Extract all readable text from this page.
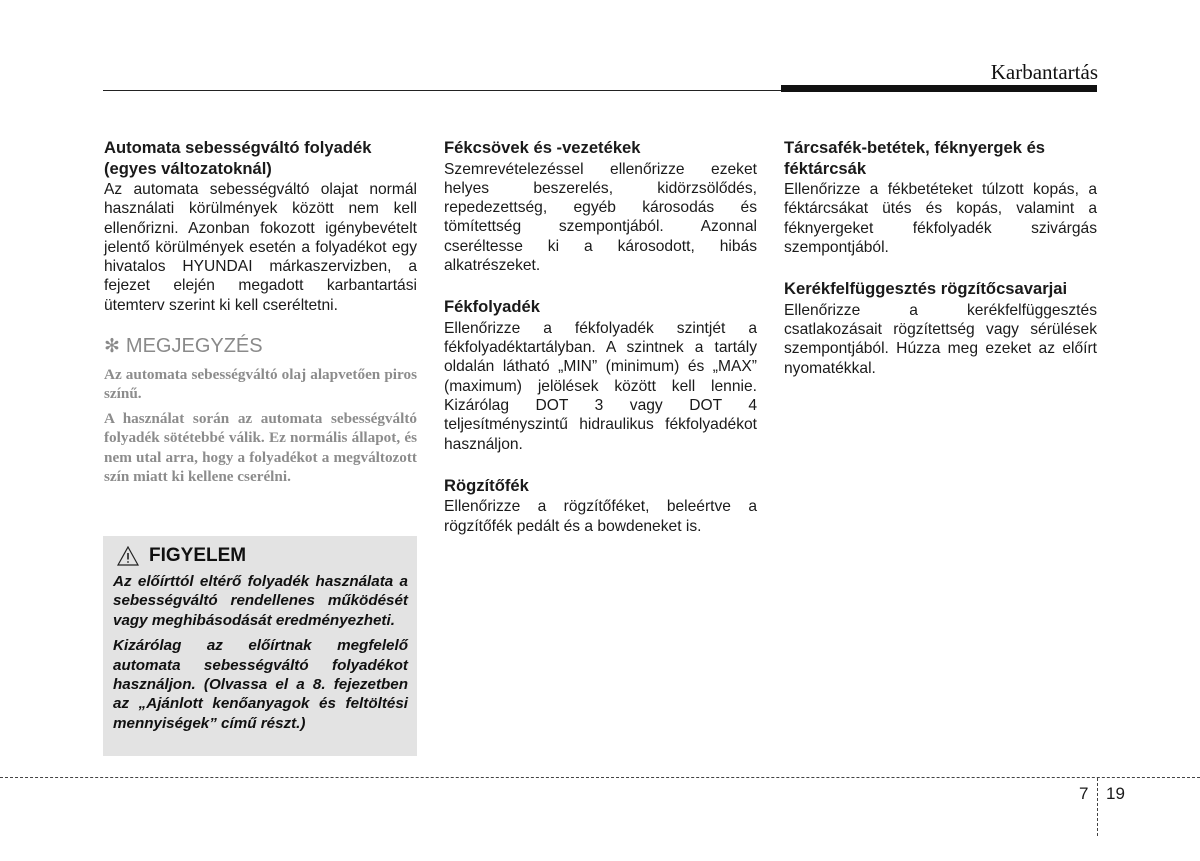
Karbantartás
Automata sebességváltó folyadék (egyes változatoknál)

Az automata sebességváltó olajat normál használati körülmények között nem kell ellenőrizni. Azonban fokozott igénybevételt jelentő körülmények esetén a folyadékot egy hivatalos HYUNDAI márkaszervizben, a fejezet elején megadott karbantartási ütemterv szerint ki kell cseréltetni.

✻ MEGJEGYZÉS

Az automata sebességváltó olaj alapvetően piros színű.

A használat során az automata sebességváltó folyadék sötétebbé válik. Ez normális állapot, és nem utal arra, hogy a folyadékot a megváltozott szín miatt ki kellene cserélni.

FIGYELEM

Az előírttól eltérő folyadék használata a sebességváltó rendellenes működését vagy meghibásodását eredményezheti.

Kizárólag az előírtnak megfelelő automata sebességváltó folyadékot használjon. (Olvassa el a 8. fejezetben az „Ajánlott kenőanyagok és feltöltési mennyiségek” című részt.)

Fékcsövek és -vezetékek

Szemrevételezéssel ellenőrizze ezeket helyes beszerelés, kidörzsölődés, repedezettség, egyéb károsodás és tömítettség szempontjából. Azonnal cseréltesse ki a károsodott, hibás alkatrészeket.

Fékfolyadék

Ellenőrizze a fékfolyadék szintjét a fékfolyadéktartályban. A szintnek a tartály oldalán látható „MIN” (minimum) és „MAX” (maximum) jelölések között kell lennie. Kizárólag DOT 3 vagy DOT 4 teljesítményszintű hidraulikus fékfolyadékot használjon.

Rögzítőfék

Ellenőrizze a rögzítőféket, beleértve a rögzítőfék pedált és a bowdeneket is.

Tárcsafék-betétek, féknyergek és féktárcsák

Ellenőrizze a fékbetéteket túlzott kopás, a féktárcsákat ütés és kopás, valamint a féknyergeket fékfolyadék szivárgás szempontjából.

Kerékfelfüggesztés rögzítőcsavarjai

Ellenőrizze a kerékfelfüggesztés csatlakozásait rögzítettség vagy sérülések szempontjából. Húzza meg ezeket az előírt nyomatékkal.

7 19
